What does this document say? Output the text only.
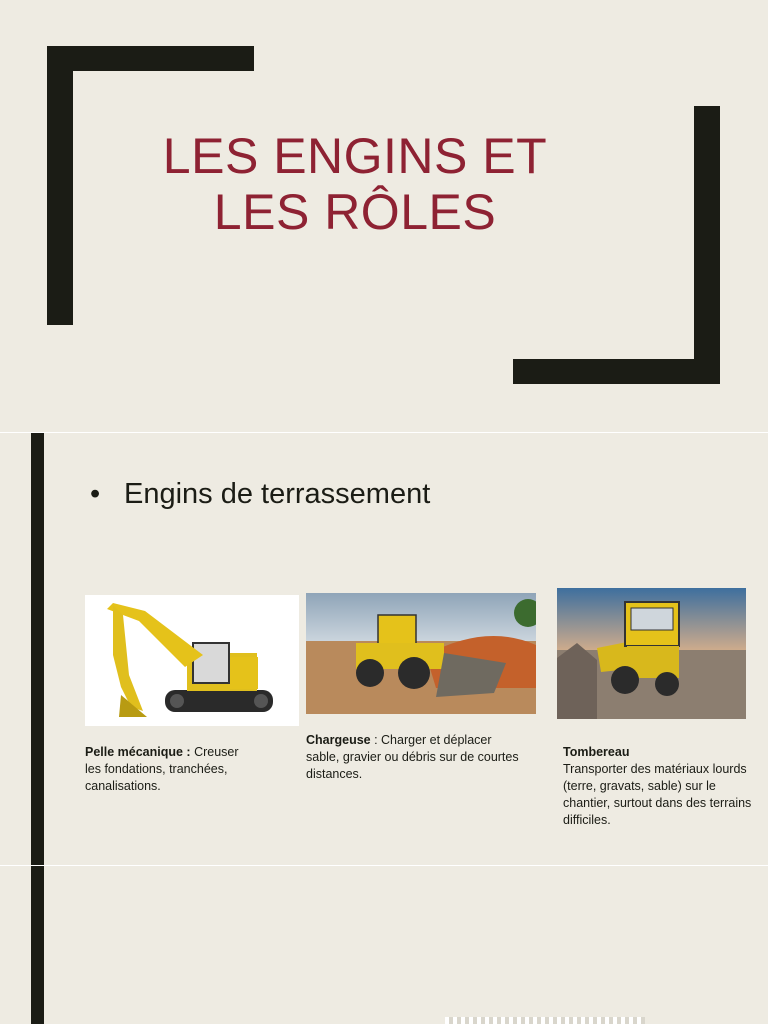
LES ENGINS ET
LES RÔLES
• Engins de terrassement
Pelle mécanique : Creuser les fondations, tranchées, canalisations.
Chargeuse : Charger et déplacer sable, gravier ou débris sur de courtes distances.
Tombereau
Transporter des matériaux lourds (terre, gravats, sable) sur le chantier, surtout dans des terrains difficiles.
